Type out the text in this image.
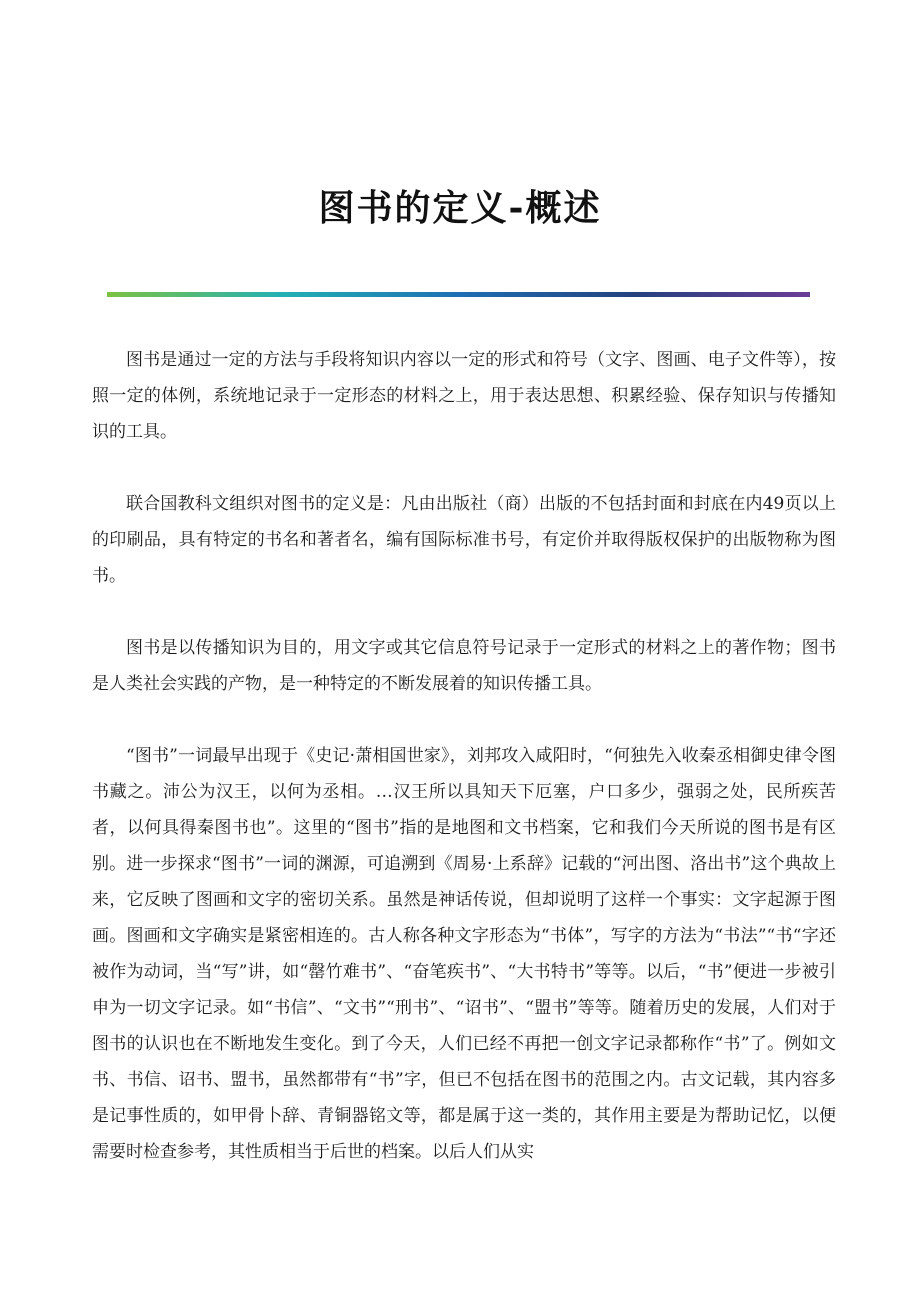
图书的定义-概述

图书是通过一定的方法与手段将知识内容以一定的形式和符号（文字、图画、电子文件等），按照一定的体例，系统地记录于一定形态的材料之上，用于表达思想、积累经验、保存知识与传播知识的工具。

联合国教科文组织对图书的定义是：凡由出版社（商）出版的不包括封面和封底在内49页以上的印刷品，具有特定的书名和著者名，编有国际标准书号，有定价并取得版权保护的出版物称为图书。

图书是以传播知识为目的，用文字或其它信息符号记录于一定形式的材料之上的著作物；图书是人类社会实践的产物，是一种特定的不断发展着的知识传播工具。

“图书”一词最早出现于《史记·萧相国世家》，刘邦攻入咸阳时，“何独先入收秦丞相御史律令图书藏之。沛公为汉王，以何为丞相。…汉王所以具知天下厄塞，户口多少，强弱之处，民所疾苦者，以何具得秦图书也”。这里的“图书”指的是地图和文书档案，它和我们今天所说的图书是有区别。进一步探求“图书”一词的渊源，可追溯到《周易·上系辞》记载的“河出图、洛出书”这个典故上来，它反映了图画和文字的密切关系。虽然是神话传说，但却说明了这样一个事实：文字起源于图画。图画和文字确实是紧密相连的。古人称各种文字形态为“书体”，写字的方法为“书法”“书“字还被作为动词，当“写”讲，如“罄竹难书”、“奋笔疾书”、“大书特书”等等。以后，“书”便进一步被引申为一切文字记录。如“书信”、“文书”“刑书”、“诏书”、“盟书”等等。随着历史的发展，人们对于图书的认识也在不断地发生变化。到了今天，人们已经不再把一创文字记录都称作“书”了。例如文书、书信、诏书、盟书，虽然都带有“书”字，但已不包括在图书的范围之内。古文记载，其内容多是记事性质的，如甲骨卜辞、青铜器铭文等，都是属于这一类的，其作用主要是为帮助记忆，以便需要时检查参考，其性质相当于后世的档案。以后人们从实
